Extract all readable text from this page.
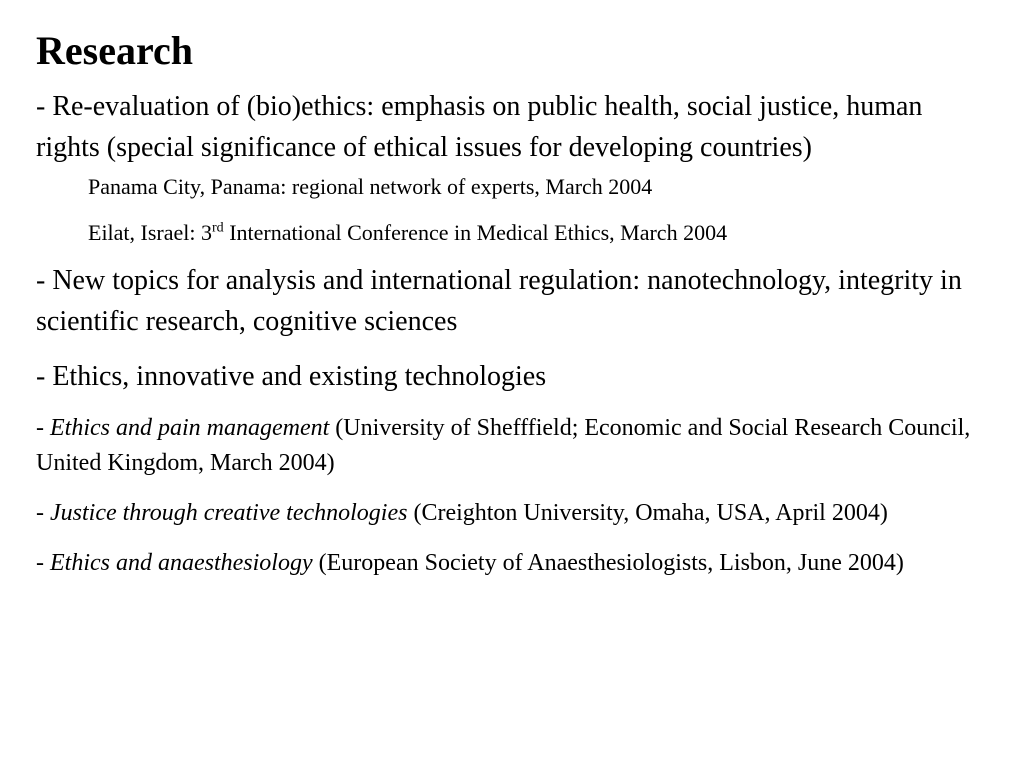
Research

- Re-evaluation of (bio)ethics: emphasis on public health, social justice, human rights (special significance of ethical issues for developing countries)

Panama City, Panama: regional network of experts, March 2004

Eilat, Israel: 3rd International Conference in Medical Ethics, March 2004

- New topics for analysis and international regulation: nanotechnology, integrity in scientific research, cognitive sciences

- Ethics, innovative and existing technologies

- Ethics and pain management (University of Shefffield; Economic and Social Research Council, United Kingdom, March 2004)

- Justice through creative technologies (Creighton University, Omaha, USA, April 2004)

- Ethics and anaesthesiology (European Society of Anaesthesiologists, Lisbon, June 2004)
